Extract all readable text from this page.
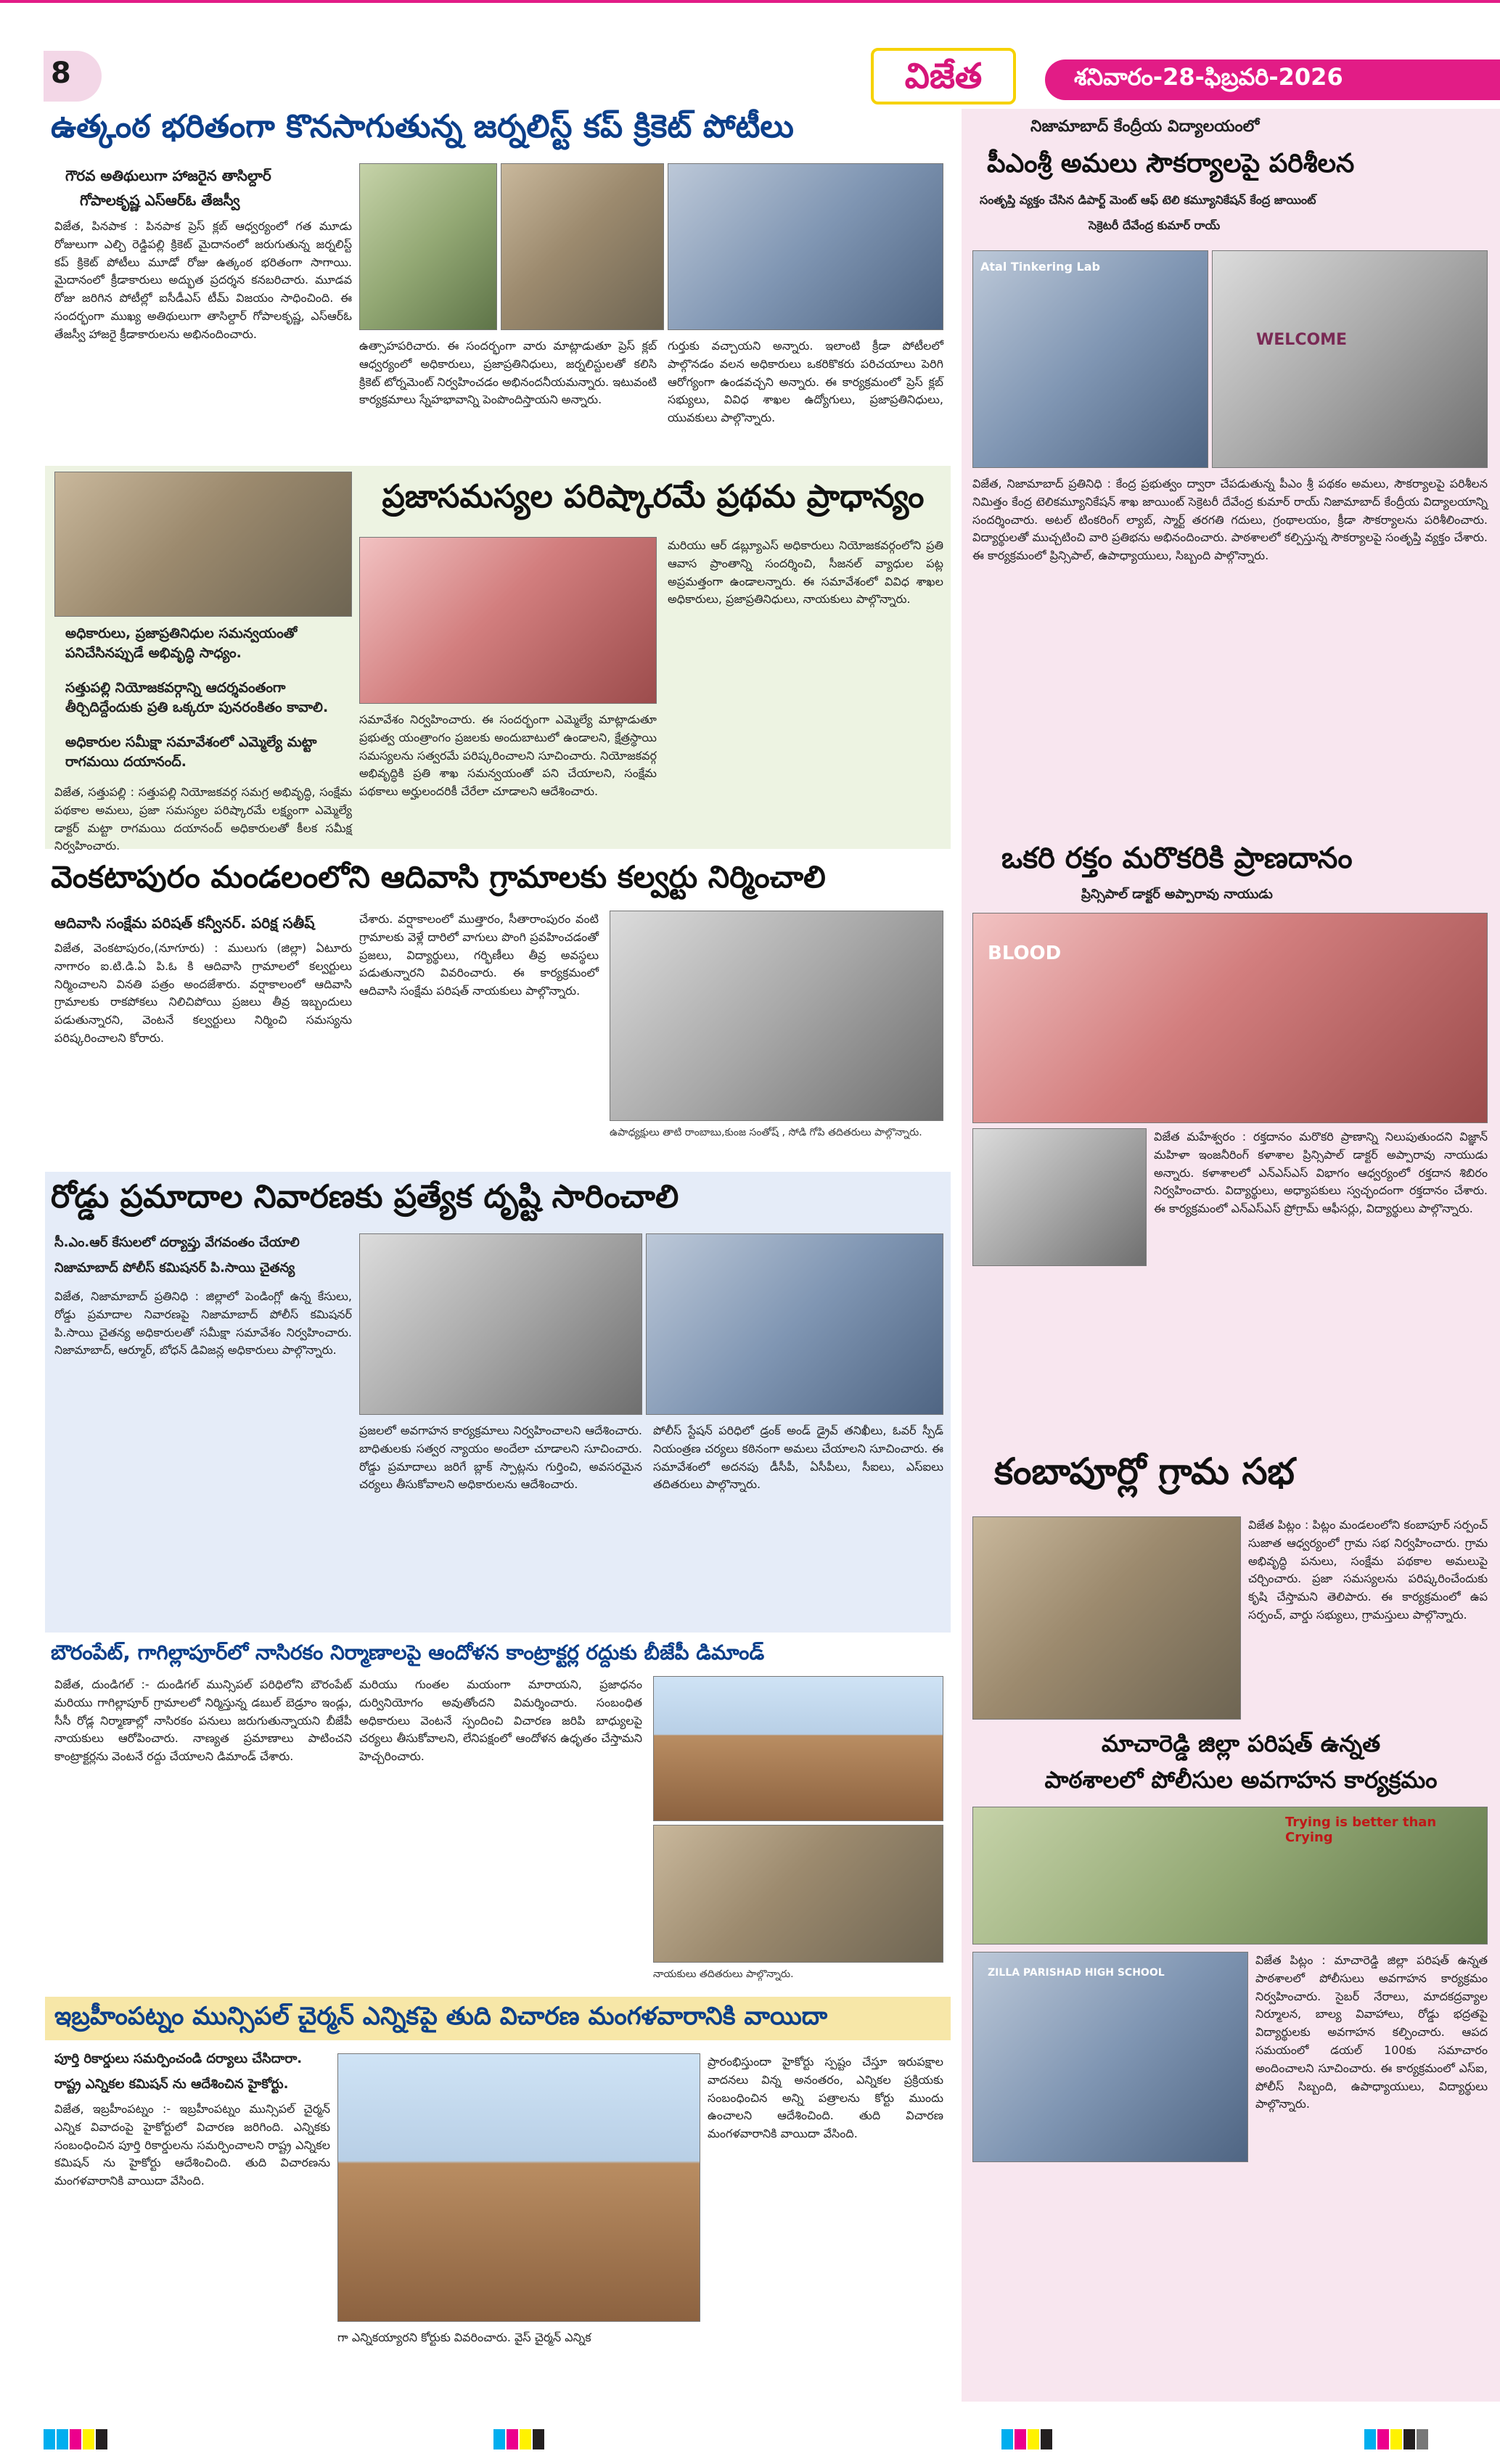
8	విజేత	శనివారం-28-ఫిబ్రవరి-2026
ఉత్కంఠ భరితంగా కొనసాగుతున్న జర్నలిస్ట్ కప్ క్రికెట్ పోటీలు
గౌరవ అతిథులుగా హాజరైన తాసిల్దార్
గోపాలకృష్ణ ఎస్ఆర్ఓ తేజస్వీ
విజేత, పినపాక : పినపాక ప్రెస్ క్లబ్ ఆధ్వర్యంలో గత మూడు రోజులుగా ఎల్చి రెడ్డిపల్లి క్రికెట్ మైదానంలో జరుగుతున్న జర్నలిస్ట్ కప్ క్రికెట్ పోటీలు మూడో రోజు ఉత్కంఠ భరితంగా సాగాయి. మైదానంలో క్రీడాకారులు అద్భుత ప్రదర్శన కనబరిచారు. మూడవ రోజు జరిగిన పోటీల్లో ఐసీడీఎస్ టీమ్ విజయం సాధించింది. ఈ సందర్భంగా ముఖ్య అతిథులుగా తాసిల్దార్ గోపాలకృష్ణ, ఎస్ఆర్ఓ తేజస్వీ హాజరై క్రీడాకారులను అభినందించారు.
ఉత్సాహపరిచారు. ఈ సందర్భంగా వారు మాట్లాడుతూ ప్రెస్ క్లబ్ ఆధ్వర్యంలో అధికారులు, ప్రజాప్రతినిధులు, జర్నలిస్టులతో కలిసి క్రికెట్ టోర్నమెంట్ నిర్వహించడం అభినందనీయమన్నారు. ఇటువంటి కార్యక్రమాలు స్నేహభావాన్ని పెంపొందిస్తాయని అన్నారు.
గుర్తుకు వచ్చాయని అన్నారు. ఇలాంటి క్రీడా పోటీలలో పాల్గొనడం వలన అధికారులు ఒకరికొకరు పరిచయాలు పెరిగి ఆరోగ్యంగా ఉండవచ్చని అన్నారు. ఈ కార్యక్రమంలో ప్రెస్ క్లబ్ సభ్యులు, వివిధ శాఖల ఉద్యోగులు, ప్రజాప్రతినిధులు, యువకులు పాల్గొన్నారు.
ప్రజాసమస్యల పరిష్కారమే ప్రథమ ప్రాధాన్యం
అధికారులు, ప్రజాప్రతినిధుల సమన్వయంతో పనిచేసినప్పుడే అభివృద్ధి సాధ్యం.
సత్తుపల్లి నియోజకవర్గాన్ని ఆదర్శవంతంగా తీర్చిదిద్దేందుకు ప్రతి ఒక్కరూ పునరంకితం కావాలి.
అధికారుల సమీక్షా సమావేశంలో ఎమ్మెల్యే మట్టా రాగమయి దయానంద్.
విజేత, సత్తుపల్లి : సత్తుపల్లి నియోజకవర్గ సమగ్ర అభివృద్ధి, సంక్షేమ పథకాల అమలు, ప్రజా సమస్యల పరిష్కారమే లక్ష్యంగా ఎమ్మెల్యే డాక్టర్ మట్టా రాగమయి దయానంద్ అధికారులతో కీలక సమీక్ష నిర్వహించారు.
సమావేశం నిర్వహించారు. ఈ సందర్భంగా ఎమ్మెల్యే మాట్లాడుతూ ప్రభుత్వ యంత్రాంగం ప్రజలకు అందుబాటులో ఉండాలని, క్షేత్రస్థాయి సమస్యలను సత్వరమే పరిష్కరించాలని సూచించారు. నియోజకవర్గ అభివృద్ధికి ప్రతి శాఖ సమన్వయంతో పని చేయాలని, సంక్షేమ పథకాలు అర్హులందరికీ చేరేలా చూడాలని ఆదేశించారు.
మరియు ఆర్ డబ్ల్యూఎస్ అధికారులు నియోజకవర్గంలోని ప్రతి ఆవాస ప్రాంతాన్ని సందర్శించి, సీజనల్ వ్యాధుల పట్ల అప్రమత్తంగా ఉండాలన్నారు. ఈ సమావేశంలో వివిధ శాఖల అధికారులు, ప్రజాప్రతినిధులు, నాయకులు పాల్గొన్నారు.
వెంకటాపురం మండలంలోని ఆదివాసి గ్రామాలకు కల్వర్టు నిర్మించాలి
ఆదివాసి సంక్షేమ పరిషత్ కన్వీనర్. పరిక్ష సతీష్
విజేత, వెంకటాపురం,(నూగూరు) : ములుగు (జిల్లా) ఏటూరు నాగారం ఐ.టి.డి.ఏ పి.ఓ కి ఆదివాసి గ్రామాలలో కల్వర్టులు నిర్మించాలని వినతి పత్రం అందజేశారు. వర్షాకాలంలో ఆదివాసి గ్రామాలకు రాకపోకలు నిలిచిపోయి ప్రజలు తీవ్ర ఇబ్బందులు పడుతున్నారని, వెంటనే కల్వర్టులు నిర్మించి సమస్యను పరిష్కరించాలని కోరారు.
చేశారు. వర్షాకాలంలో ముత్తారం, సీతారాంపురం వంటి గ్రామాలకు వెళ్లే దారిలో వాగులు పొంగి ప్రవహించడంతో ప్రజలు, విద్యార్థులు, గర్భిణీలు తీవ్ర అవస్థలు పడుతున్నారని వివరించారు. ఈ కార్యక్రమంలో ఆదివాసి సంక్షేమ పరిషత్ నాయకులు పాల్గొన్నారు.
ఉపాధ్యక్షులు తాటి రాంబాబు,కుంజ సంతోష్ , సోడి గోపి తదితరులు పాల్గొన్నారు.
రోడ్డు ప్రమాదాల నివారణకు ప్రత్యేక దృష్టి సారించాలి
సీ.ఎం.ఆర్ కేసులలో దర్యాప్తు వేగవంతం చేయాలి
నిజామాబాద్ పోలీస్ కమిషనర్ పి.సాయి చైతన్య
విజేత, నిజామాబాద్ ప్రతినిధి : జిల్లాలో పెండింగ్లో ఉన్న కేసులు, రోడ్డు ప్రమాదాల నివారణపై నిజామాబాద్ పోలీస్ కమిషనర్ పి.సాయి చైతన్య అధికారులతో సమీక్షా సమావేశం నిర్వహించారు. నిజామాబాద్, ఆర్మూర్, బోధన్ డివిజన్ల అధికారులు పాల్గొన్నారు.
ప్రజలలో అవగాహన కార్యక్రమాలు నిర్వహించాలని ఆదేశించారు. బాధితులకు సత్వర న్యాయం అందేలా చూడాలని సూచించారు. రోడ్డు ప్రమాదాలు జరిగే బ్లాక్ స్పాట్లను గుర్తించి, అవసరమైన చర్యలు తీసుకోవాలని అధికారులను ఆదేశించారు.
పోలీస్ స్టేషన్ పరిధిలో డ్రంక్ అండ్ డ్రైవ్ తనిఖీలు, ఓవర్ స్పీడ్ నియంత్రణ చర్యలు కఠినంగా అమలు చేయాలని సూచించారు. ఈ సమావేశంలో అదనపు డీసీపీ, ఏసీపీలు, సీఐలు, ఎస్ఐలు తదితరులు పాల్గొన్నారు.
బౌరంపేట్, గాగిల్లాపూర్‌లో నాసిరకం నిర్మాణాలపై ఆందోళన కాంట్రాక్టర్ల రద్దుకు బీజేపీ డిమాండ్
విజేత, దుండిగల్ :- దుండిగల్ మున్సిపల్ పరిధిలోని బౌరంపేట్ మరియు గాగిల్లాపూర్ గ్రామాలలో నిర్మిస్తున్న డబుల్ బెడ్రూం ఇండ్లు, సీసీ రోడ్ల నిర్మాణాల్లో నాసిరకం పనులు జరుగుతున్నాయని బీజేపీ నాయకులు ఆరోపించారు. నాణ్యత ప్రమాణాలు పాటించని కాంట్రాక్టర్లను వెంటనే రద్దు చేయాలని డిమాండ్ చేశారు.
మరియు గుంతల మయంగా మారాయని, ప్రజాధనం దుర్వినియోగం అవుతోందని విమర్శించారు. సంబంధిత అధికారులు వెంటనే స్పందించి విచారణ జరిపి బాధ్యులపై చర్యలు తీసుకోవాలని, లేనిపక్షంలో ఆందోళన ఉధృతం చేస్తామని హెచ్చరించారు.
నాయకులు తదితరులు పాల్గొన్నారు.
ఇబ్రహీంపట్నం మున్సిపల్ చైర్మన్ ఎన్నికపై తుది విచారణ మంగళవారానికి వాయిదా
పూర్తి రికార్డులు సమర్పించండి దర్యాలు చేసిదారా.
రాష్ట్ర ఎన్నికల కమిషన్ ను ఆదేశించిన హైకోర్టు.
విజేత, ఇబ్రహీంపట్నం :- ఇబ్రహీంపట్నం మున్సిపల్ చైర్మన్ ఎన్నిక వివాదంపై హైకోర్టులో విచారణ జరిగింది. ఎన్నికకు సంబంధించిన పూర్తి రికార్డులను సమర్పించాలని రాష్ట్ర ఎన్నికల కమిషన్ ను హైకోర్టు ఆదేశించింది. తుది విచారణను మంగళవారానికి వాయిదా వేసింది.
గా ఎన్నికయ్యారని కోర్టుకు వివరించారు. వైస్ చైర్మన్ ఎన్నిక
ప్రారంభిస్తుందా హైకోర్టు స్పష్టం చేస్తూ ఇరుపక్షాల వాదనలు విన్న అనంతరం, ఎన్నికల ప్రక్రియకు సంబంధించిన అన్ని పత్రాలను కోర్టు ముందు ఉంచాలని ఆదేశించింది. తుది విచారణ మంగళవారానికి వాయిదా వేసింది.
నిజామాబాద్ కేంద్రీయ విద్యాలయంలో
పీఎంశ్రీ అమలు సౌకర్యాలపై పరిశీలన
సంతృప్తి వ్యక్తం చేసిన డిపార్ట్ మెంట్ ఆఫ్ టెలి కమ్యూనికేషన్ కేంద్ర జాయింట్
సెక్రెటరీ దేవేంద్ర కుమార్ రాయ్
Atal Tinkering Lab
WELCOME
విజేత, నిజామాబాద్ ప్రతినిధి : కేంద్ర ప్రభుత్వం ద్వారా చేపడుతున్న పీఎం శ్రీ పథకం అమలు, సౌకర్యాలపై పరిశీలన నిమిత్తం కేంద్ర టెలికమ్యూనికేషన్ శాఖ జాయింట్ సెక్రెటరీ దేవేంద్ర కుమార్ రాయ్ నిజామాబాద్ కేంద్రీయ విద్యాలయాన్ని సందర్శించారు. అటల్ టింకరింగ్ ల్యాబ్, స్మార్ట్ తరగతి గదులు, గ్రంథాలయం, క్రీడా సౌకర్యాలను పరిశీలించారు. విద్యార్థులతో ముచ్చటించి వారి ప్రతిభను అభినందించారు. పాఠశాలలో కల్పిస్తున్న సౌకర్యాలపై సంతృప్తి వ్యక్తం చేశారు. ఈ కార్యక్రమంలో ప్రిన్సిపాల్, ఉపాధ్యాయులు, సిబ్బంది పాల్గొన్నారు.
ఒకరి రక్తం మరొకరికి ప్రాణదానం
ప్రిన్సిపాల్ డాక్టర్ అప్పారావు నాయుడు
BLOOD
విజేత మహేశ్వరం : రక్తదానం మరొకరి ప్రాణాన్ని నిలుపుతుందని విజ్ఞాన్ మహిళా ఇంజనీరింగ్ కళాశాల ప్రిన్సిపాల్ డాక్టర్ అప్పారావు నాయుడు అన్నారు. కళాశాలలో ఎన్ఎస్ఎస్ విభాగం ఆధ్వర్యంలో రక్తదాన శిబిరం నిర్వహించారు. విద్యార్థులు, అధ్యాపకులు స్వచ్ఛందంగా రక్తదానం చేశారు. ఈ కార్యక్రమంలో ఎన్ఎస్ఎస్ ప్రోగ్రామ్ ఆఫీసర్లు, విద్యార్థులు పాల్గొన్నారు.
కంబాపూర్లో గ్రామ సభ
విజేత పిట్లం : పిట్లం మండలంలోని కంబాపూర్ సర్పంచ్ సుజాత ఆధ్వర్యంలో గ్రామ సభ నిర్వహించారు. గ్రామ అభివృద్ధి పనులు, సంక్షేమ పథకాల అమలుపై చర్చించారు. ప్రజా సమస్యలను పరిష్కరించేందుకు కృషి చేస్తామని తెలిపారు. ఈ కార్యక్రమంలో ఉప సర్పంచ్, వార్డు సభ్యులు, గ్రామస్తులు పాల్గొన్నారు.
మాచారెడ్డి జిల్లా పరిషత్ ఉన్నత
పాఠశాలలో పోలీసుల అవగాహన కార్యక్రమం
Trying is better than Crying
ZILLA PARISHAD HIGH SCHOOL
విజేత పిట్లం : మాచారెడ్డి జిల్లా పరిషత్ ఉన్నత పాఠశాలలో పోలీసులు అవగాహన కార్యక్రమం నిర్వహించారు. సైబర్ నేరాలు, మాదకద్రవ్యాల నిర్మూలన, బాల్య వివాహాలు, రోడ్డు భద్రతపై విద్యార్థులకు అవగాహన కల్పించారు. ఆపద సమయంలో డయల్ 100కు సమాచారం అందించాలని సూచించారు. ఈ కార్యక్రమంలో ఎస్ఐ, పోలీస్ సిబ్బంది, ఉపాధ్యాయులు, విద్యార్థులు పాల్గొన్నారు.
